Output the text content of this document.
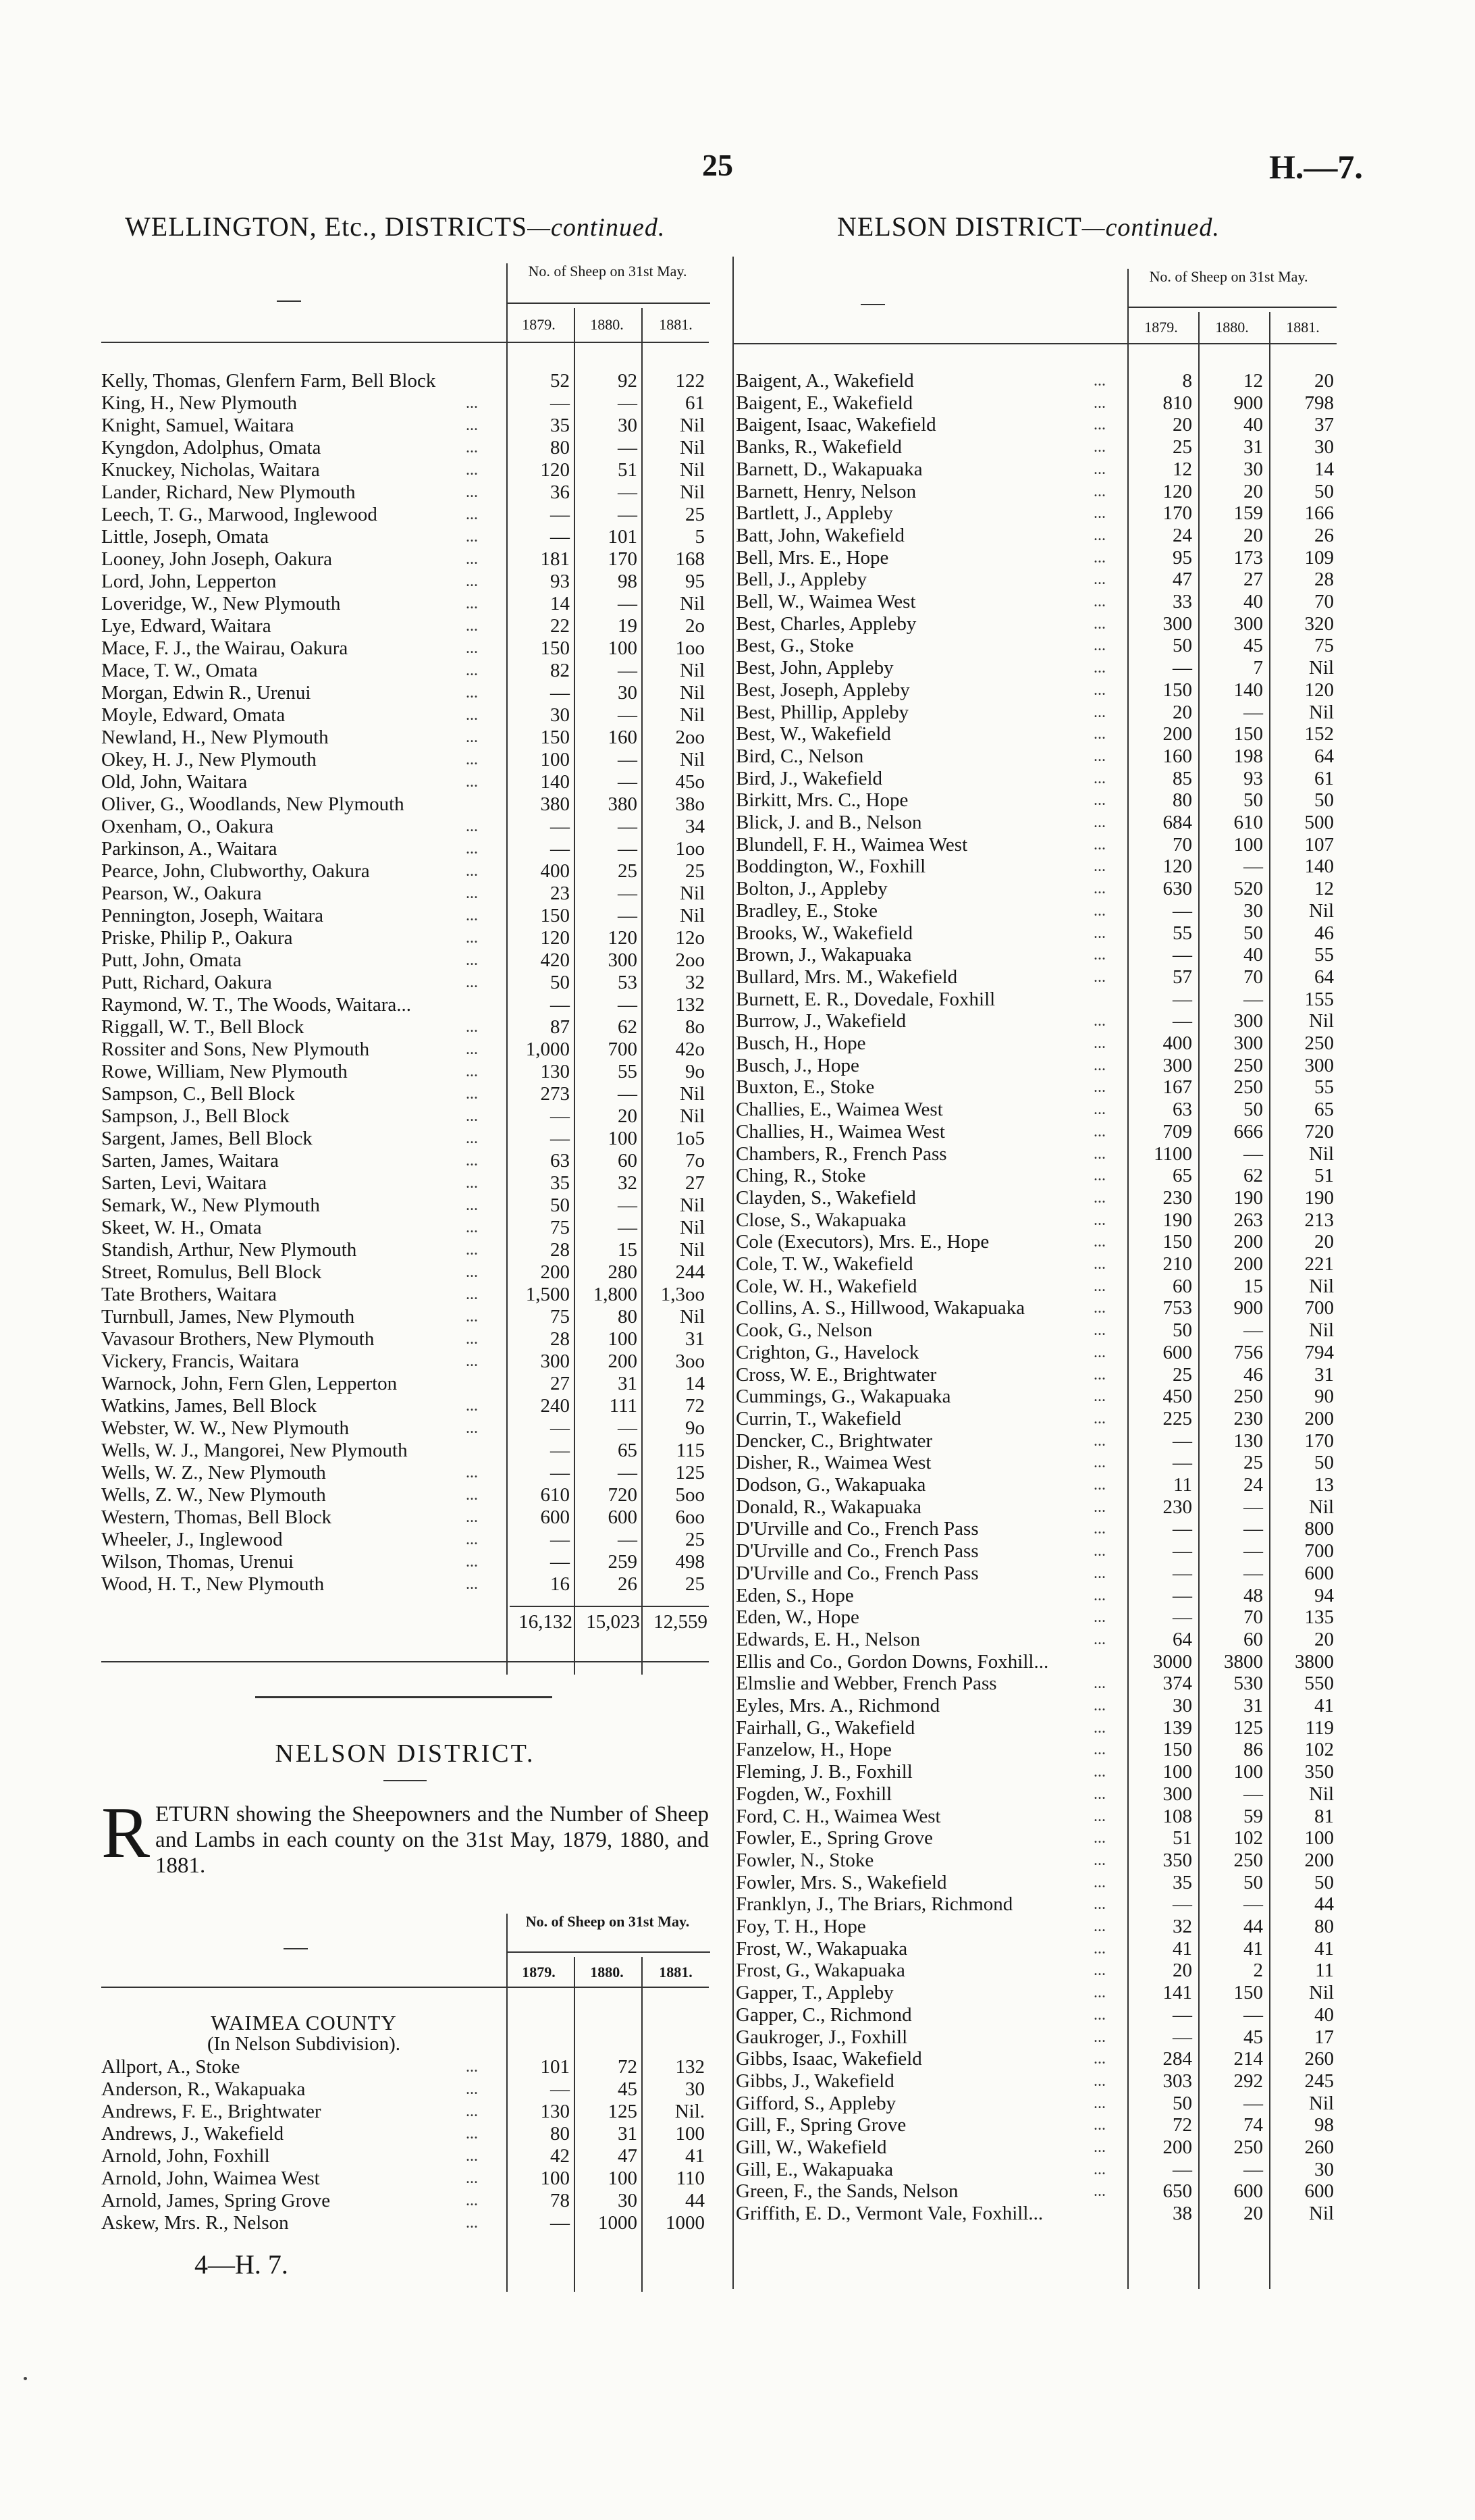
25	H.—7.
WELLINGTON, Etc., DISTRICTS—continued.
No. of Sheep on 31st May.
1879.	1880.	1881.
Kelly, Thomas, Glenfern Farm, Bell Block	52	92	122
King, H., New Plymouth	...	—	—	61
Knight, Samuel, Waitara	...	35	30	Nil
Kyngdon, Adolphus, Omata	...	80	—	Nil
Knuckey, Nicholas, Waitara	...	120	51	Nil
Lander, Richard, New Plymouth	...	36	—	Nil
Leech, T. G., Marwood, Inglewood	...	—	—	25
Little, Joseph, Omata	...	—	101	5
Looney, John Joseph, Oakura	...	181	170	168
Lord, John, Lepperton	...	93	98	95
Loveridge, W., New Plymouth	...	14	—	Nil
Lye, Edward, Waitara	...	22	19	2o
Mace, F. J., the Wairau, Oakura	...	150	100	1oo
Mace, T. W., Omata	...	82	—	Nil
Morgan, Edwin R., Urenui	...	—	30	Nil
Moyle, Edward, Omata	...	30	—	Nil
Newland, H., New Plymouth	...	150	160	2oo
Okey, H. J., New Plymouth	...	100	—	Nil
Old, John, Waitara	...	140	—	45o
Oliver, G., Woodlands, New Plymouth	380	380	38o
Oxenham, O., Oakura	...	—	—	34
Parkinson, A., Waitara	...	—	—	1oo
Pearce, John, Clubworthy, Oakura	...	400	25	25
Pearson, W., Oakura	...	23	—	Nil
Pennington, Joseph, Waitara	...	150	—	Nil
Priske, Philip P., Oakura	...	120	120	12o
Putt, John, Omata	...	420	300	2oo
Putt, Richard, Oakura	...	50	53	32
Raymond, W. T., The Woods, Waitara...	—	—	132
Riggall, W. T., Bell Block	...	87	62	8o
Rossiter and Sons, New Plymouth	...	1,000	700	42o
Rowe, William, New Plymouth	...	130	55	9o
Sampson, C., Bell Block	...	273	—	Nil
Sampson, J., Bell Block	...	—	20	Nil
Sargent, James, Bell Block	...	—	100	1o5
Sarten, James, Waitara	...	63	60	7o
Sarten, Levi, Waitara	...	35	32	27
Semark, W., New Plymouth	...	50	—	Nil
Skeet, W. H., Omata	...	75	—	Nil
Standish, Arthur, New Plymouth	...	28	15	Nil
Street, Romulus, Bell Block	...	200	280	244
Tate Brothers, Waitara	...	1,500	1,800	1,3oo
Turnbull, James, New Plymouth	...	75	80	Nil
Vavasour Brothers, New Plymouth	...	28	100	31
Vickery, Francis, Waitara	...	300	200	3oo
Warnock, John, Fern Glen, Lepperton	27	31	14
Watkins, James, Bell Block	...	240	111	72
Webster, W. W., New Plymouth	...	—	—	9o
Wells, W. J., Mangorei, New Plymouth	—	65	115
Wells, W. Z., New Plymouth	...	—	—	125
Wells, Z. W., New Plymouth	...	610	720	5oo
Western, Thomas, Bell Block	...	600	600	6oo
Wheeler, J., Inglewood	...	—	—	25
Wilson, Thomas, Urenui	...	—	259	498
Wood, H. T., New Plymouth	...	16	26	25
16,132 15,023 12,559
NELSON DISTRICT.
RETURN showing the Sheepowners and the Number of Sheep and Lambs in each county on the 31st May, 1879, 1880, and 1881.
No. of Sheep on 31st May.
1879.	1880.	1881.
WAIMEA COUNTY
(In Nelson Subdivision).
Allport, A., Stoke	...	101	72	132
Anderson, R., Wakapuaka	...	—	45	30
Andrews, F. E., Brightwater	...	130	125	Nil.
Andrews, J., Wakefield	...	80	31	100
Arnold, John, Foxhill	...	42	47	41
Arnold, John, Waimea West	...	100	100	110
Arnold, James, Spring Grove	...	78	30	44
Askew, Mrs. R., Nelson	...	—	1000	1000
4—H. 7.
NELSON DISTRICT—continued.
No. of Sheep on 31st May.
1879.	1880.	1881.
Baigent, A., Wakefield	...	8	12	20
Baigent, E., Wakefield	...	810	900	798
Baigent, Isaac, Wakefield	...	20	40	37
Banks, R., Wakefield	...	25	31	30
Barnett, D., Wakapuaka	...	12	30	14
Barnett, Henry, Nelson	...	120	20	50
Bartlett, J., Appleby	...	170	159	166
Batt, John, Wakefield	...	24	20	26
Bell, Mrs. E., Hope	...	95	173	109
Bell, J., Appleby	...	47	27	28
Bell, W., Waimea West	...	33	40	70
Best, Charles, Appleby	...	300	300	320
Best, G., Stoke	...	50	45	75
Best, John, Appleby	...	—	7	Nil
Best, Joseph, Appleby	...	150	140	120
Best, Phillip, Appleby	...	20	—	Nil
Best, W., Wakefield	...	200	150	152
Bird, C., Nelson	...	160	198	64
Bird, J., Wakefield	...	85	93	61
Birkitt, Mrs. C., Hope	...	80	50	50
Blick, J. and B., Nelson	...	684	610	500
Blundell, F. H., Waimea West	...	70	100	107
Boddington, W., Foxhill	...	120	—	140
Bolton, J., Appleby	...	630	520	12
Bradley, E., Stoke	...	—	30	Nil
Brooks, W., Wakefield	...	55	50	46
Brown, J., Wakapuaka	...	—	40	55
Bullard, Mrs. M., Wakefield	...	57	70	64
Burnett, E. R., Dovedale, Foxhill	—	—	155
Burrow, J., Wakefield	...	—	300	Nil
Busch, H., Hope	...	400	300	250
Busch, J., Hope	...	300	250	300
Buxton, E., Stoke	...	167	250	55
Challies, E., Waimea West	...	63	50	65
Challies, H., Waimea West	...	709	666	720
Chambers, R., French Pass	...	1100	—	Nil
Ching, R., Stoke	...	65	62	51
Clayden, S., Wakefield	...	230	190	190
Close, S., Wakapuaka	...	190	263	213
Cole (Executors), Mrs. E., Hope	...	150	200	20
Cole, T. W., Wakefield	...	210	200	221
Cole, W. H., Wakefield	...	60	15	Nil
Collins, A. S., Hillwood, Wakapuaka	...	753	900	700
Cook, G., Nelson	...	50	—	Nil
Crighton, G., Havelock	...	600	756	794
Cross, W. E., Brightwater	...	25	46	31
Cummings, G., Wakapuaka	...	450	250	90
Currin, T., Wakefield	...	225	230	200
Dencker, C., Brightwater	...	—	130	170
Disher, R., Waimea West	...	—	25	50
Dodson, G., Wakapuaka	...	11	24	13
Donald, R., Wakapuaka	...	230	—	Nil
D'Urville and Co., French Pass	...	—	—	800
D'Urville and Co., French Pass	...	—	—	700
D'Urville and Co., French Pass	...	—	—	600
Eden, S., Hope	...	—	48	94
Eden, W., Hope	...	—	70	135
Edwards, E. H., Nelson	...	64	60	20
Ellis and Co., Gordon Downs, Foxhill...	3000	3800	3800
Elmslie and Webber, French Pass	...	374	530	550
Eyles, Mrs. A., Richmond	...	30	31	41
Fairhall, G., Wakefield	...	139	125	119
Fanzelow, H., Hope	...	150	86	102
Fleming, J. B., Foxhill	...	100	100	350
Fogden, W., Foxhill	...	300	—	Nil
Ford, C. H., Waimea West	...	108	59	81
Fowler, E., Spring Grove	...	51	102	100
Fowler, N., Stoke	...	350	250	200
Fowler, Mrs. S., Wakefield	...	35	50	50
Franklyn, J., The Briars, Richmond	...	—	—	44
Foy, T. H., Hope	...	32	44	80
Frost, W., Wakapuaka	...	41	41	41
Frost, G., Wakapuaka	...	20	2	11
Gapper, T., Appleby	...	141	150	Nil
Gapper, C., Richmond	...	—	—	40
Gaukroger, J., Foxhill	...	—	45	17
Gibbs, Isaac, Wakefield	...	284	214	260
Gibbs, J., Wakefield	...	303	292	245
Gifford, S., Appleby	...	50	—	Nil
Gill, F., Spring Grove	...	72	74	98
Gill, W., Wakefield	...	200	250	260
Gill, E., Wakapuaka	...	—	—	30
Green, F., the Sands, Nelson	...	650	600	600
Griffith, E. D., Vermont Vale, Foxhill...	38	20	Nil
